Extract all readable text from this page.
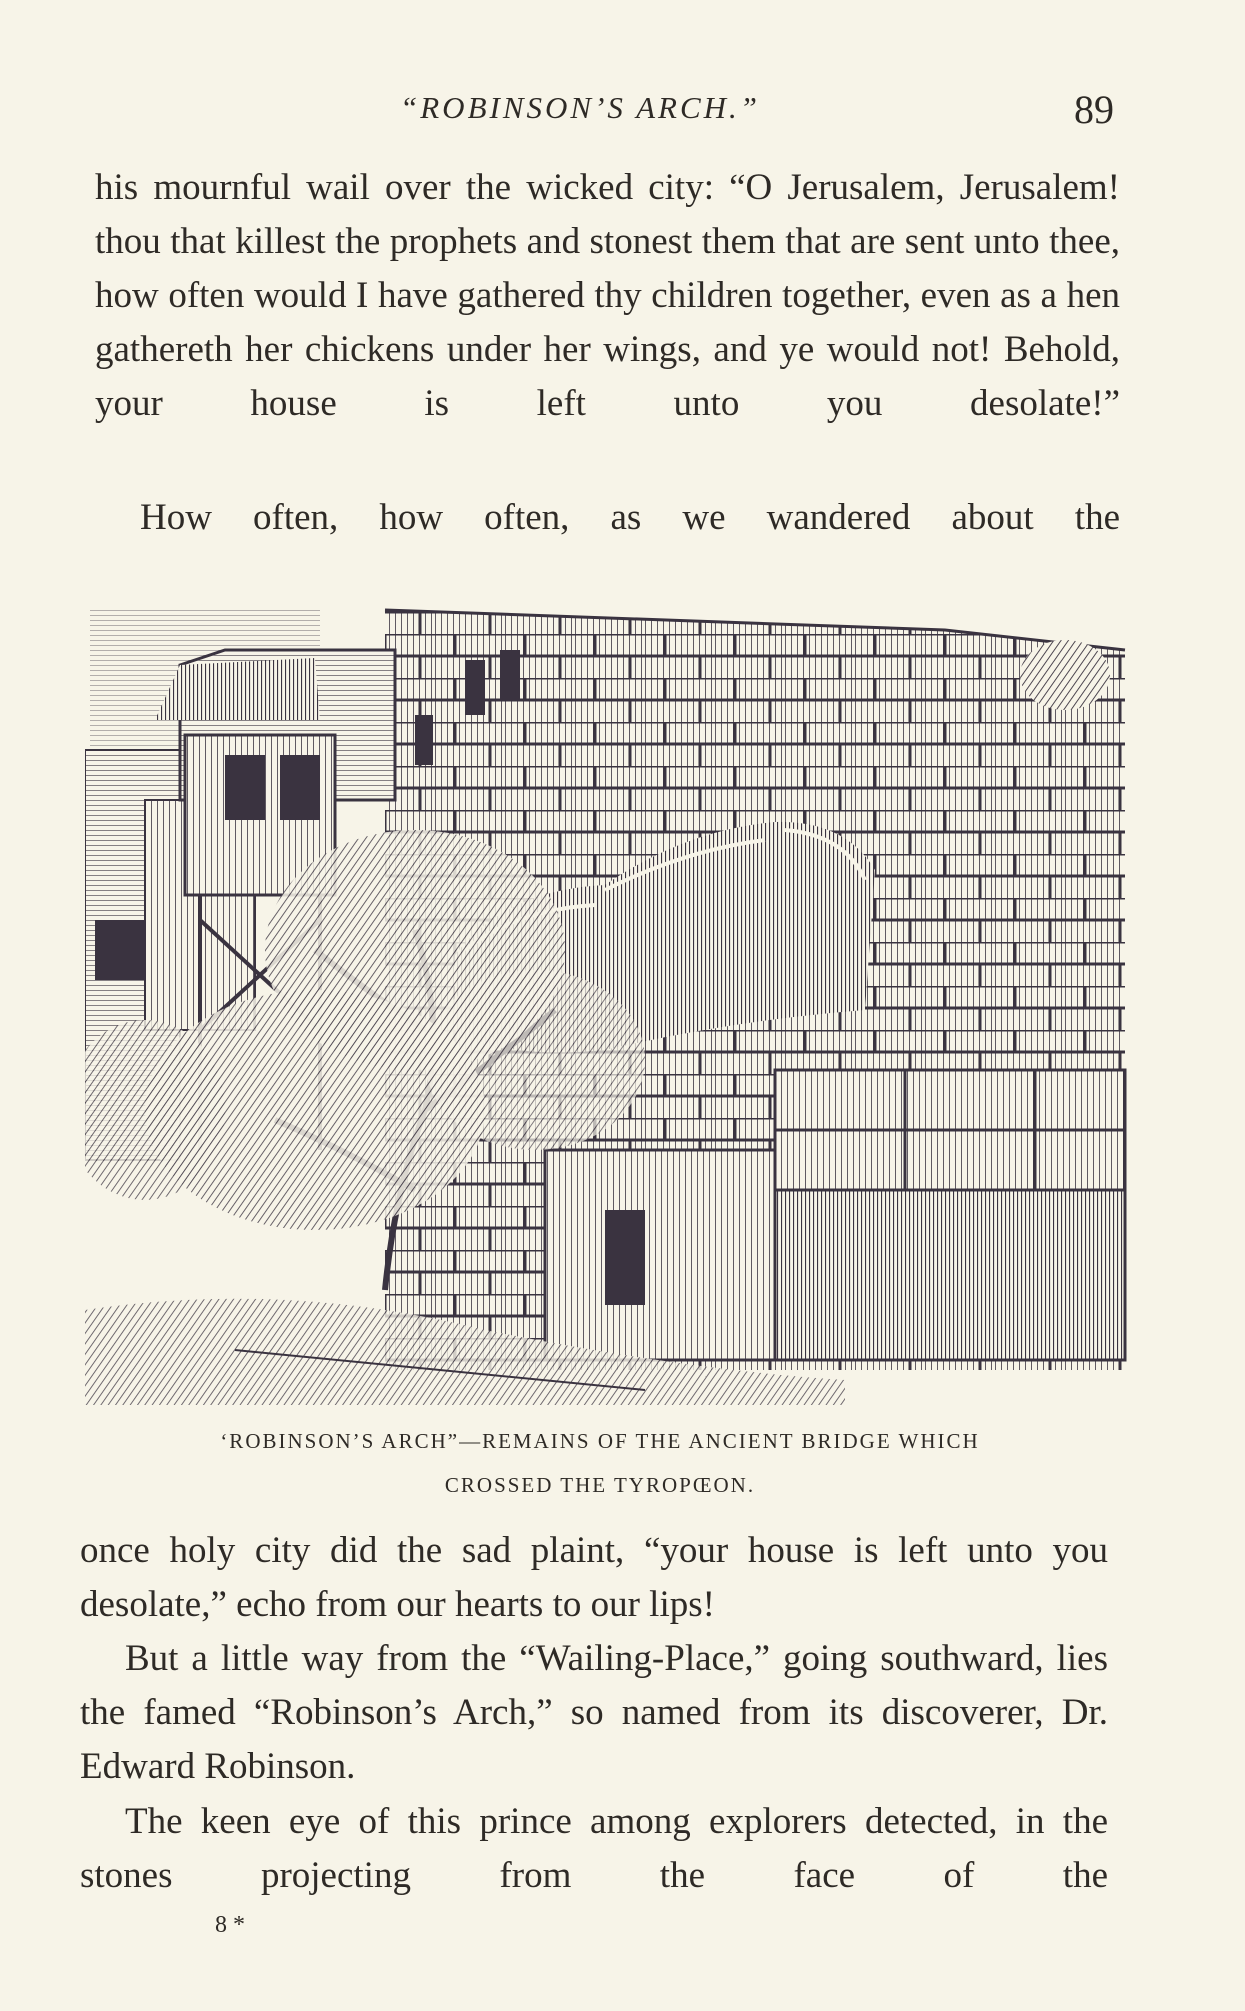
“ROBINSON’S ARCH.”	89

his mournful wail over the wicked city: “O Jerusalem, Jerusalem! thou that killest the prophets and stonest them that are sent unto thee, how often would I have gathered thy children together, even as a hen gathereth her chickens under her wings, and ye would not! Behold, your house is left unto you desolate!”

How often, how often, as we wandered about the

‘ROBINSON’S ARCH”—REMAINS OF THE ANCIENT BRIDGE WHICH

CROSSED THE TYROPŒON.

once holy city did the sad plaint, “your house is left unto you desolate,” echo from our hearts to our lips!

But a little way from the “Wailing-Place,” going southward, lies the famed “Robinson’s Arch,” so named from its discoverer, Dr. Edward Robinson.

The keen eye of this prince among explorers detected, in the stones projecting from the face of the

8 *
